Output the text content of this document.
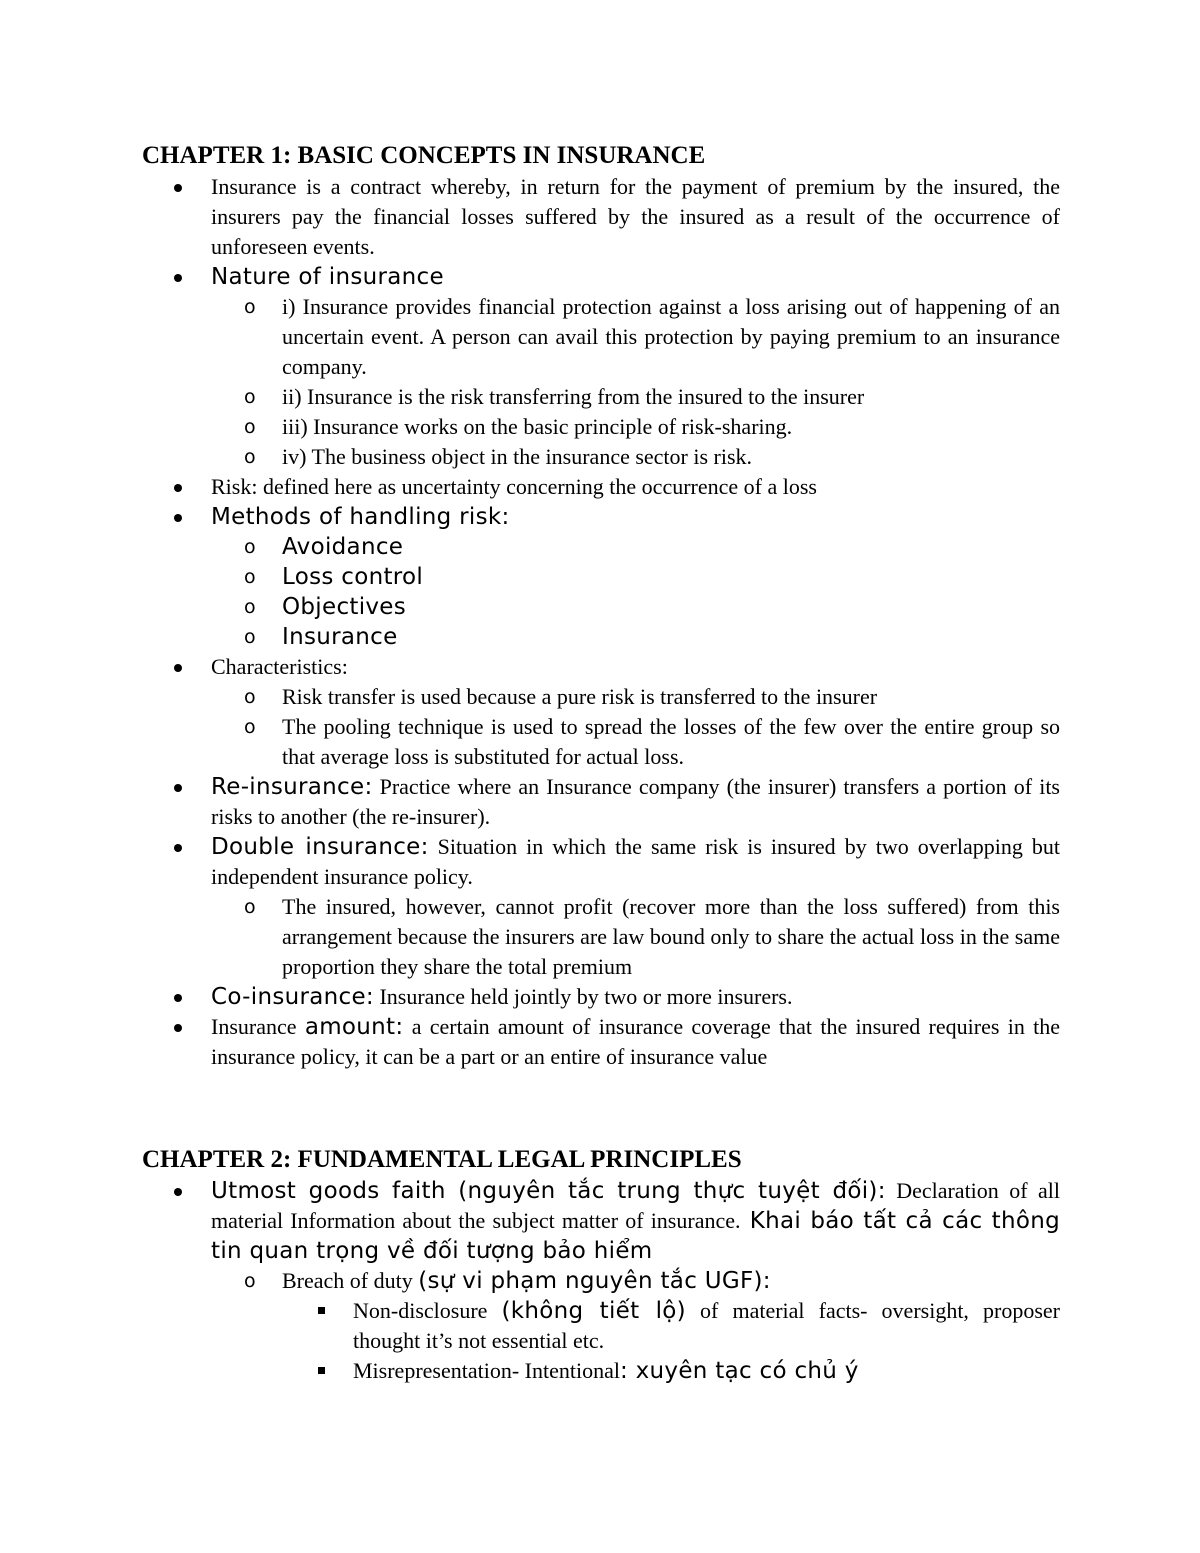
CHAPTER 1: BASIC CONCEPTS IN INSURANCE
Insurance is a contract whereby, in return for the payment of premium by the insured, the insurers pay the financial losses suffered by the insured as a result of the occurrence of unforeseen events.
Nature of insurance
o i) Insurance provides financial protection against a loss arising out of happening of an uncertain event. A person can avail this protection by paying premium to an insurance company.
o ii) Insurance is the risk transferring from the insured to the insurer
o iii) Insurance works on the basic principle of risk-sharing.
o iv) The business object in the insurance sector is risk.
Risk: defined here as uncertainty concerning the occurrence of a loss
Methods of handling risk:
o Avoidance
o Loss control
o Objectives
o Insurance
Characteristics:
o Risk transfer is used because a pure risk is transferred to the insurer
o The pooling technique is used to spread the losses of the few over the entire group so that average loss is substituted for actual loss.
Re-insurance: Practice where an Insurance company (the insurer) transfers a portion of its risks to another (the re-insurer).
Double insurance: Situation in which the same risk is insured by two overlapping but independent insurance policy.
o The insured, however, cannot profit (recover more than the loss suffered) from this arrangement because the insurers are law bound only to share the actual loss in the same proportion they share the total premium
Co-insurance: Insurance held jointly by two or more insurers.
Insurance amount: a certain amount of insurance coverage that the insured requires in the insurance policy, it can be a part or an entire of insurance value
CHAPTER 2: FUNDAMENTAL LEGAL PRINCIPLES
Utmost goods faith (nguyên tắc trung thực tuyệt đối): Declaration of all material Information about the subject matter of insurance. Khai báo tất cả các thông tin quan trọng về đối tượng bảo hiểm
o Breach of duty (sự vi phạm nguyên tắc UGF):
Non-disclosure (không tiết lộ) of material facts- oversight, proposer thought it’s not essential etc.
Misrepresentation- Intentional: xuyên tạc có chủ ý
